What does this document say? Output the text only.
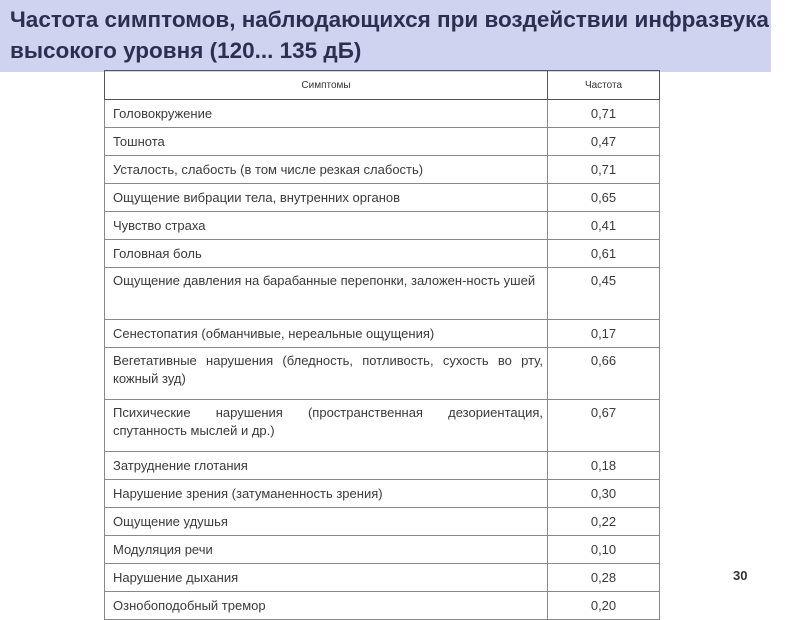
Частота симптомов, наблюдающихся при воздействии инфразвука высокого уровня (120... 135 дБ)
Симптомы	Частота
Головокружение	0,71
Тошнота	0,47
Усталость, слабость (в том числе резкая слабость)	0,71
Ощущение вибрации тела, внутренних органов	0,65
Чувство страха	0,41
Головная боль	0,61
Ощущение давления на барабанные перепонки, заложен-ность ушей	0,45
Сенестопатия (обманчивые, нереальные ощущения)	0,17
Вегетативные нарушения (бледность, потливость, сухость во рту, кожный зуд)	0,66
Психические нарушения (пространственная дезориентация, спутанность мыслей и др.)	0,67
Затруднение глотания	0,18
Нарушение зрения (затуманенность зрения)	0,30
Ощущение удушья	0,22
Модуляция речи	0,10
Нарушение дыхания	0,28
Ознобоподобный тремор	0,20
30
